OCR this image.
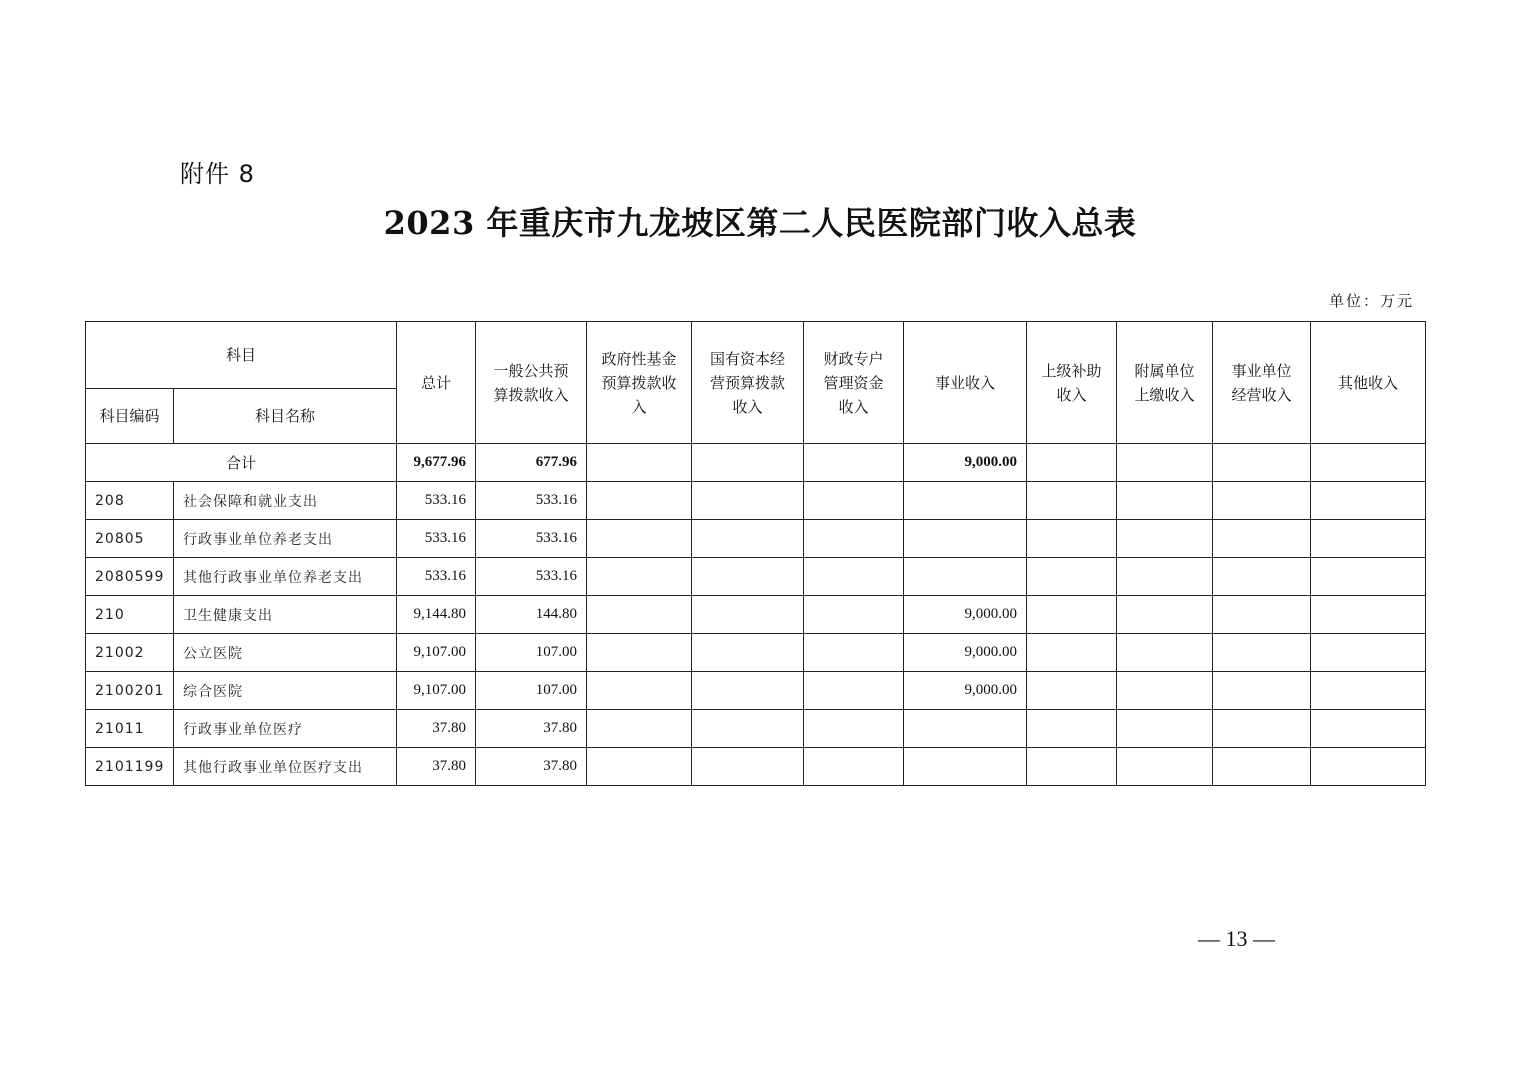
附件 8
2023 年重庆市九龙坡区第二人民医院部门收入总表
单位：万元
科目		总计	一般公共预算拨款收入	政府性基金预算拨款收入	国有资本经营预算拨款收入	财政专户管理资金收入	事业收入	上级补助收入	附属单位上缴收入	事业单位经营收入	其他收入
科目编码	科目名称										
合计		9,677.96	677.96				9,000.00				
208	社会保障和就业支出	533.16	533.16								
20805	行政事业单位养老支出	533.16	533.16								
2080599	其他行政事业单位养老支出	533.16	533.16								
210	卫生健康支出	9,144.80	144.80				9,000.00				
21002	公立医院	9,107.00	107.00				9,000.00				
2100201	综合医院	9,107.00	107.00				9,000.00				
21011	行政事业单位医疗	37.80	37.80								
2101199	其他行政事业单位医疗支出	37.80	37.80								
— 13 —
